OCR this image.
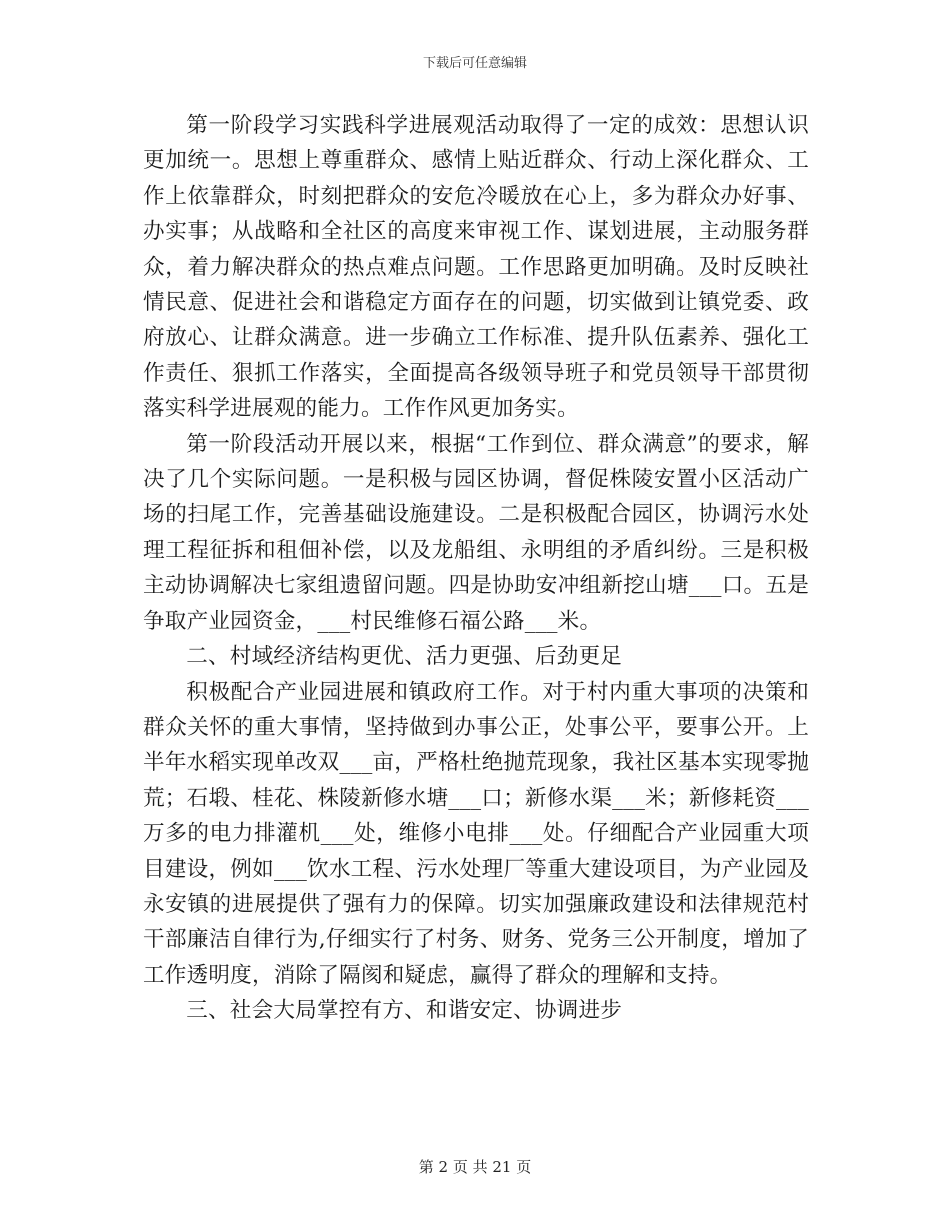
下载后可任意编辑

第一阶段学习实践科学进展观活动取得了一定的成效：思想认识更加统一。思想上尊重群众、感情上贴近群众、行动上深化群众、工作上依靠群众，时刻把群众的安危冷暖放在心上，多为群众办好事、办实事；从战略和全社区的高度来审视工作、谋划进展，主动服务群众，着力解决群众的热点难点问题。工作思路更加明确。及时反映社情民意、促进社会和谐稳定方面存在的问题，切实做到让镇党委、政府放心、让群众满意。进一步确立工作标准、提升队伍素养、强化工作责任、狠抓工作落实，全面提高各级领导班子和党员领导干部贯彻落实科学进展观的能力。工作作风更加务实。

第一阶段活动开展以来，根据“工作到位、群众满意”的要求，解决了几个实际问题。一是积极与园区协调，督促株陵安置小区活动广场的扫尾工作，完善基础设施建设。二是积极配合园区，协调污水处理工程征拆和租佃补偿，以及龙船组、永明组的矛盾纠纷。三是积极主动协调解决七家组遗留问题。四是协助安冲组新挖山塘___口。五是争取产业园资金，___村民维修石福公路___米。

二、村域经济结构更优、活力更强、后劲更足

积极配合产业园进展和镇政府工作。对于村内重大事项的决策和群众关怀的重大事情，坚持做到办事公正，处事公平，要事公开。上半年水稻实现单改双___亩，严格杜绝抛荒现象，我社区基本实现零抛荒；石塅、桂花、株陵新修水塘___口；新修水渠___米；新修耗资___万多的电力排灌机___处，维修小电排___处。仔细配合产业园重大项目建设，例如___饮水工程、污水处理厂等重大建设项目，为产业园及永安镇的进展提供了强有力的保障。切实加强廉政建设和法律规范村干部廉洁自律行为,仔细实行了村务、财务、党务三公开制度，增加了工作透明度，消除了隔阂和疑虑，赢得了群众的理解和支持。

三、社会大局掌控有方、和谐安定、协调进步

第 2 页 共 21 页
